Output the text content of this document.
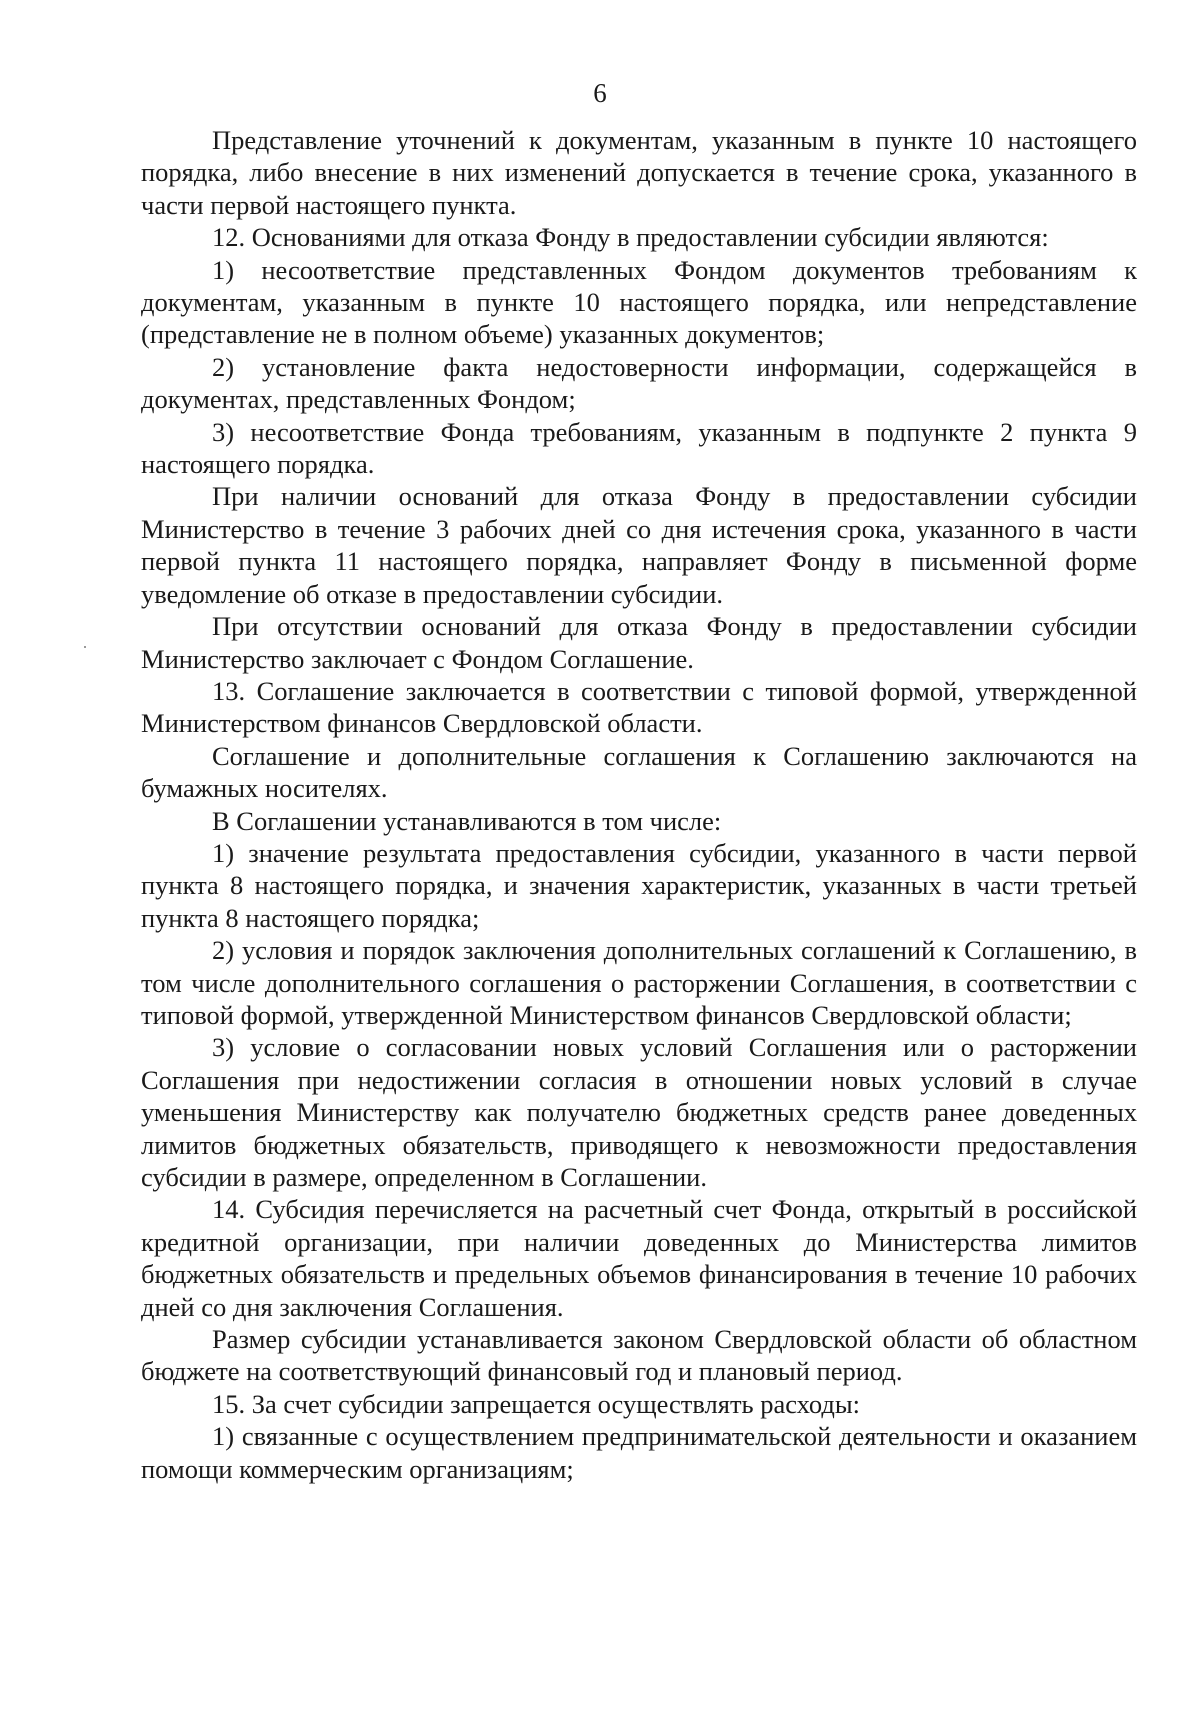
6

Представление уточнений к документам, указанным в пункте 10 настоящего порядка, либо внесение в них изменений допускается в течение срока, указанного в части первой настоящего пункта.

12. Основаниями для отказа Фонду в предоставлении субсидии являются:

1) несоответствие представленных Фондом документов требованиям к документам, указанным в пункте 10 настоящего порядка, или непредставление (представление не в полном объеме) указанных документов;

2) установление факта недостоверности информации, содержащейся в документах, представленных Фондом;

3) несоответствие Фонда требованиям, указанным в подпункте 2 пункта 9 настоящего порядка.

При наличии оснований для отказа Фонду в предоставлении субсидии Министерство в течение 3 рабочих дней со дня истечения срока, указанного в части первой пункта 11 настоящего порядка, направляет Фонду в письменной форме уведомление об отказе в предоставлении субсидии.

При отсутствии оснований для отказа Фонду в предоставлении субсидии Министерство заключает с Фондом Соглашение.

13. Соглашение заключается в соответствии с типовой формой, утвержденной Министерством финансов Свердловской области.

Соглашение и дополнительные соглашения к Соглашению заключаются на бумажных носителях.

В Соглашении устанавливаются в том числе:

1) значение результата предоставления субсидии, указанного в части первой пункта 8 настоящего порядка, и значения характеристик, указанных в части третьей пункта 8 настоящего порядка;

2) условия и порядок заключения дополнительных соглашений к Соглашению, в том числе дополнительного соглашения о расторжении Соглашения, в соответствии с типовой формой, утвержденной Министерством финансов Свердловской области;

3) условие о согласовании новых условий Соглашения или о расторжении Соглашения при недостижении согласия в отношении новых условий в случае уменьшения Министерству как получателю бюджетных средств ранее доведенных лимитов бюджетных обязательств, приводящего к невозможности предоставления субсидии в размере, определенном в Соглашении.

14. Субсидия перечисляется на расчетный счет Фонда, открытый в российской кредитной организации, при наличии доведенных до Министерства лимитов бюджетных обязательств и предельных объемов финансирования в течение 10 рабочих дней со дня заключения Соглашения.

Размер субсидии устанавливается законом Свердловской области об областном бюджете на соответствующий финансовый год и плановый период.

15. За счет субсидии запрещается осуществлять расходы:

1) связанные с осуществлением предпринимательской деятельности и оказанием помощи коммерческим организациям;
